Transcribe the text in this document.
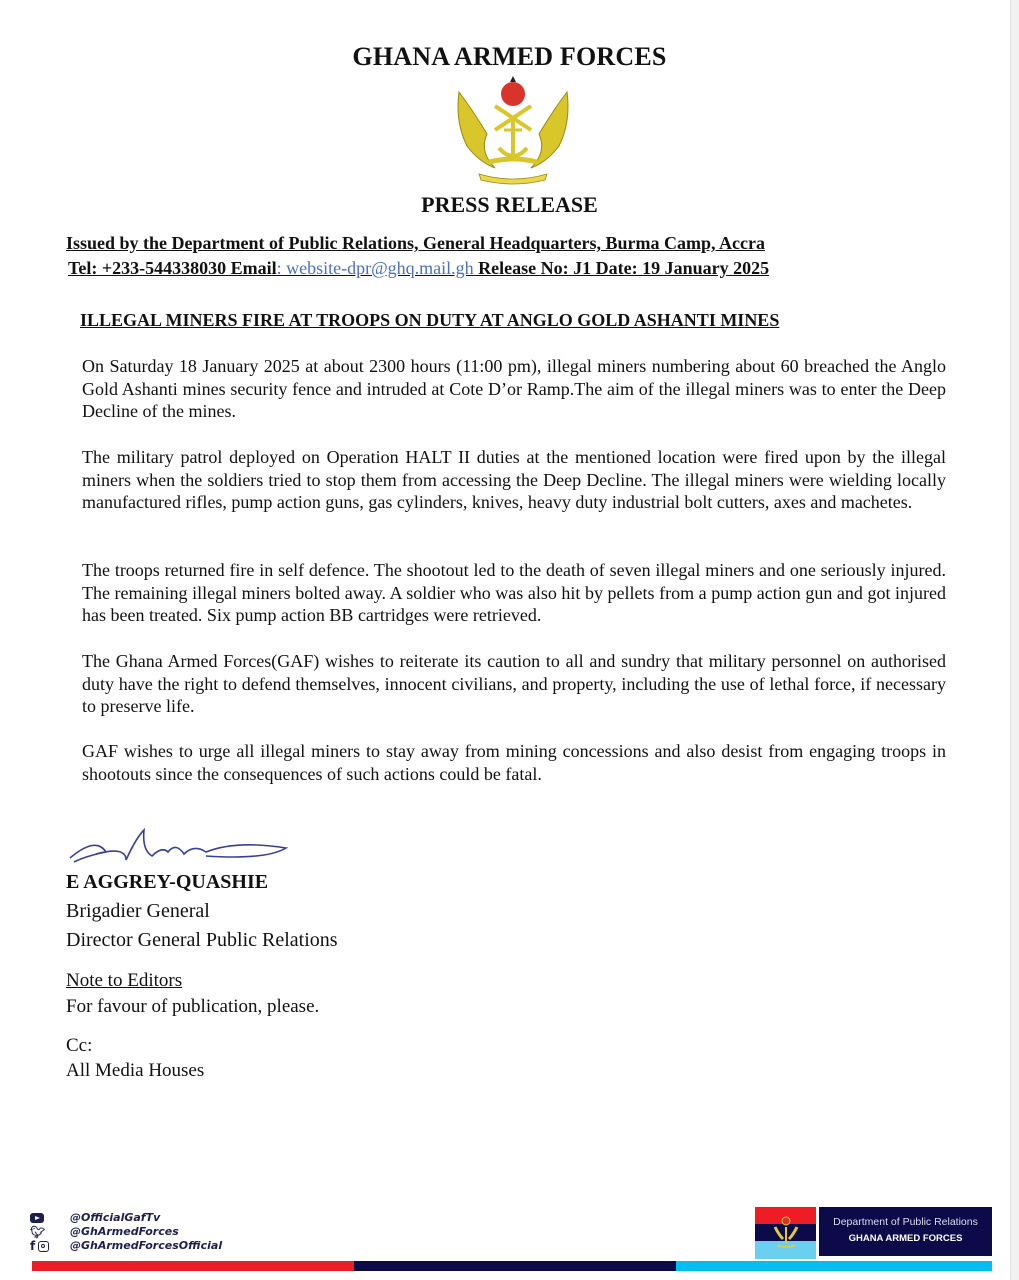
GHANA ARMED FORCES
PRESS RELEASE
Issued by the Department of Public Relations, General Headquarters, Burma Camp, Accra
Tel: +233-544338030 Email: website-dpr@ghq.mail.gh Release No: J1 Date: 19 January 2025
ILLEGAL MINERS FIRE AT TROOPS ON DUTY AT ANGLO GOLD ASHANTI MINES
On Saturday 18 January 2025 at about 2300 hours (11:00 pm), illegal miners numbering about 60 breached the Anglo Gold Ashanti mines security fence and intruded at Cote D’or Ramp.The aim of the illegal miners was to enter the Deep Decline of the mines.
The military patrol deployed on Operation HALT II duties at the mentioned location were fired upon by the illegal miners when the soldiers tried to stop them from accessing the Deep Decline. The illegal miners were wielding locally manufactured rifles, pump action guns, gas cylinders, knives, heavy duty industrial bolt cutters, axes and machetes.
The troops returned fire in self defence. The shootout led to the death of seven illegal miners and one seriously injured. The remaining illegal miners bolted away. A soldier who was also hit by pellets from a pump action gun and got injured has been treated. Six pump action BB cartridges were retrieved.
The Ghana Armed Forces(GAF) wishes to reiterate its caution to all and sundry that military personnel on authorised duty have the right to defend themselves, innocent civilians, and property, including the use of lethal force, if necessary to preserve life.
GAF wishes to urge all illegal miners to stay away from mining concessions and also desist from engaging troops in shootouts since the consequences of such actions could be fatal.
E AGGREY-QUASHIE
Brigadier General
Director General Public Relations
Note to Editors
For favour of publication, please.
Cc:
All Media Houses
@OfficialGafTv
🐦︎ @GhArmedForces
f	@GhArmedForcesOfficial
Department of Public Relations
GHANA ARMED FORCES
